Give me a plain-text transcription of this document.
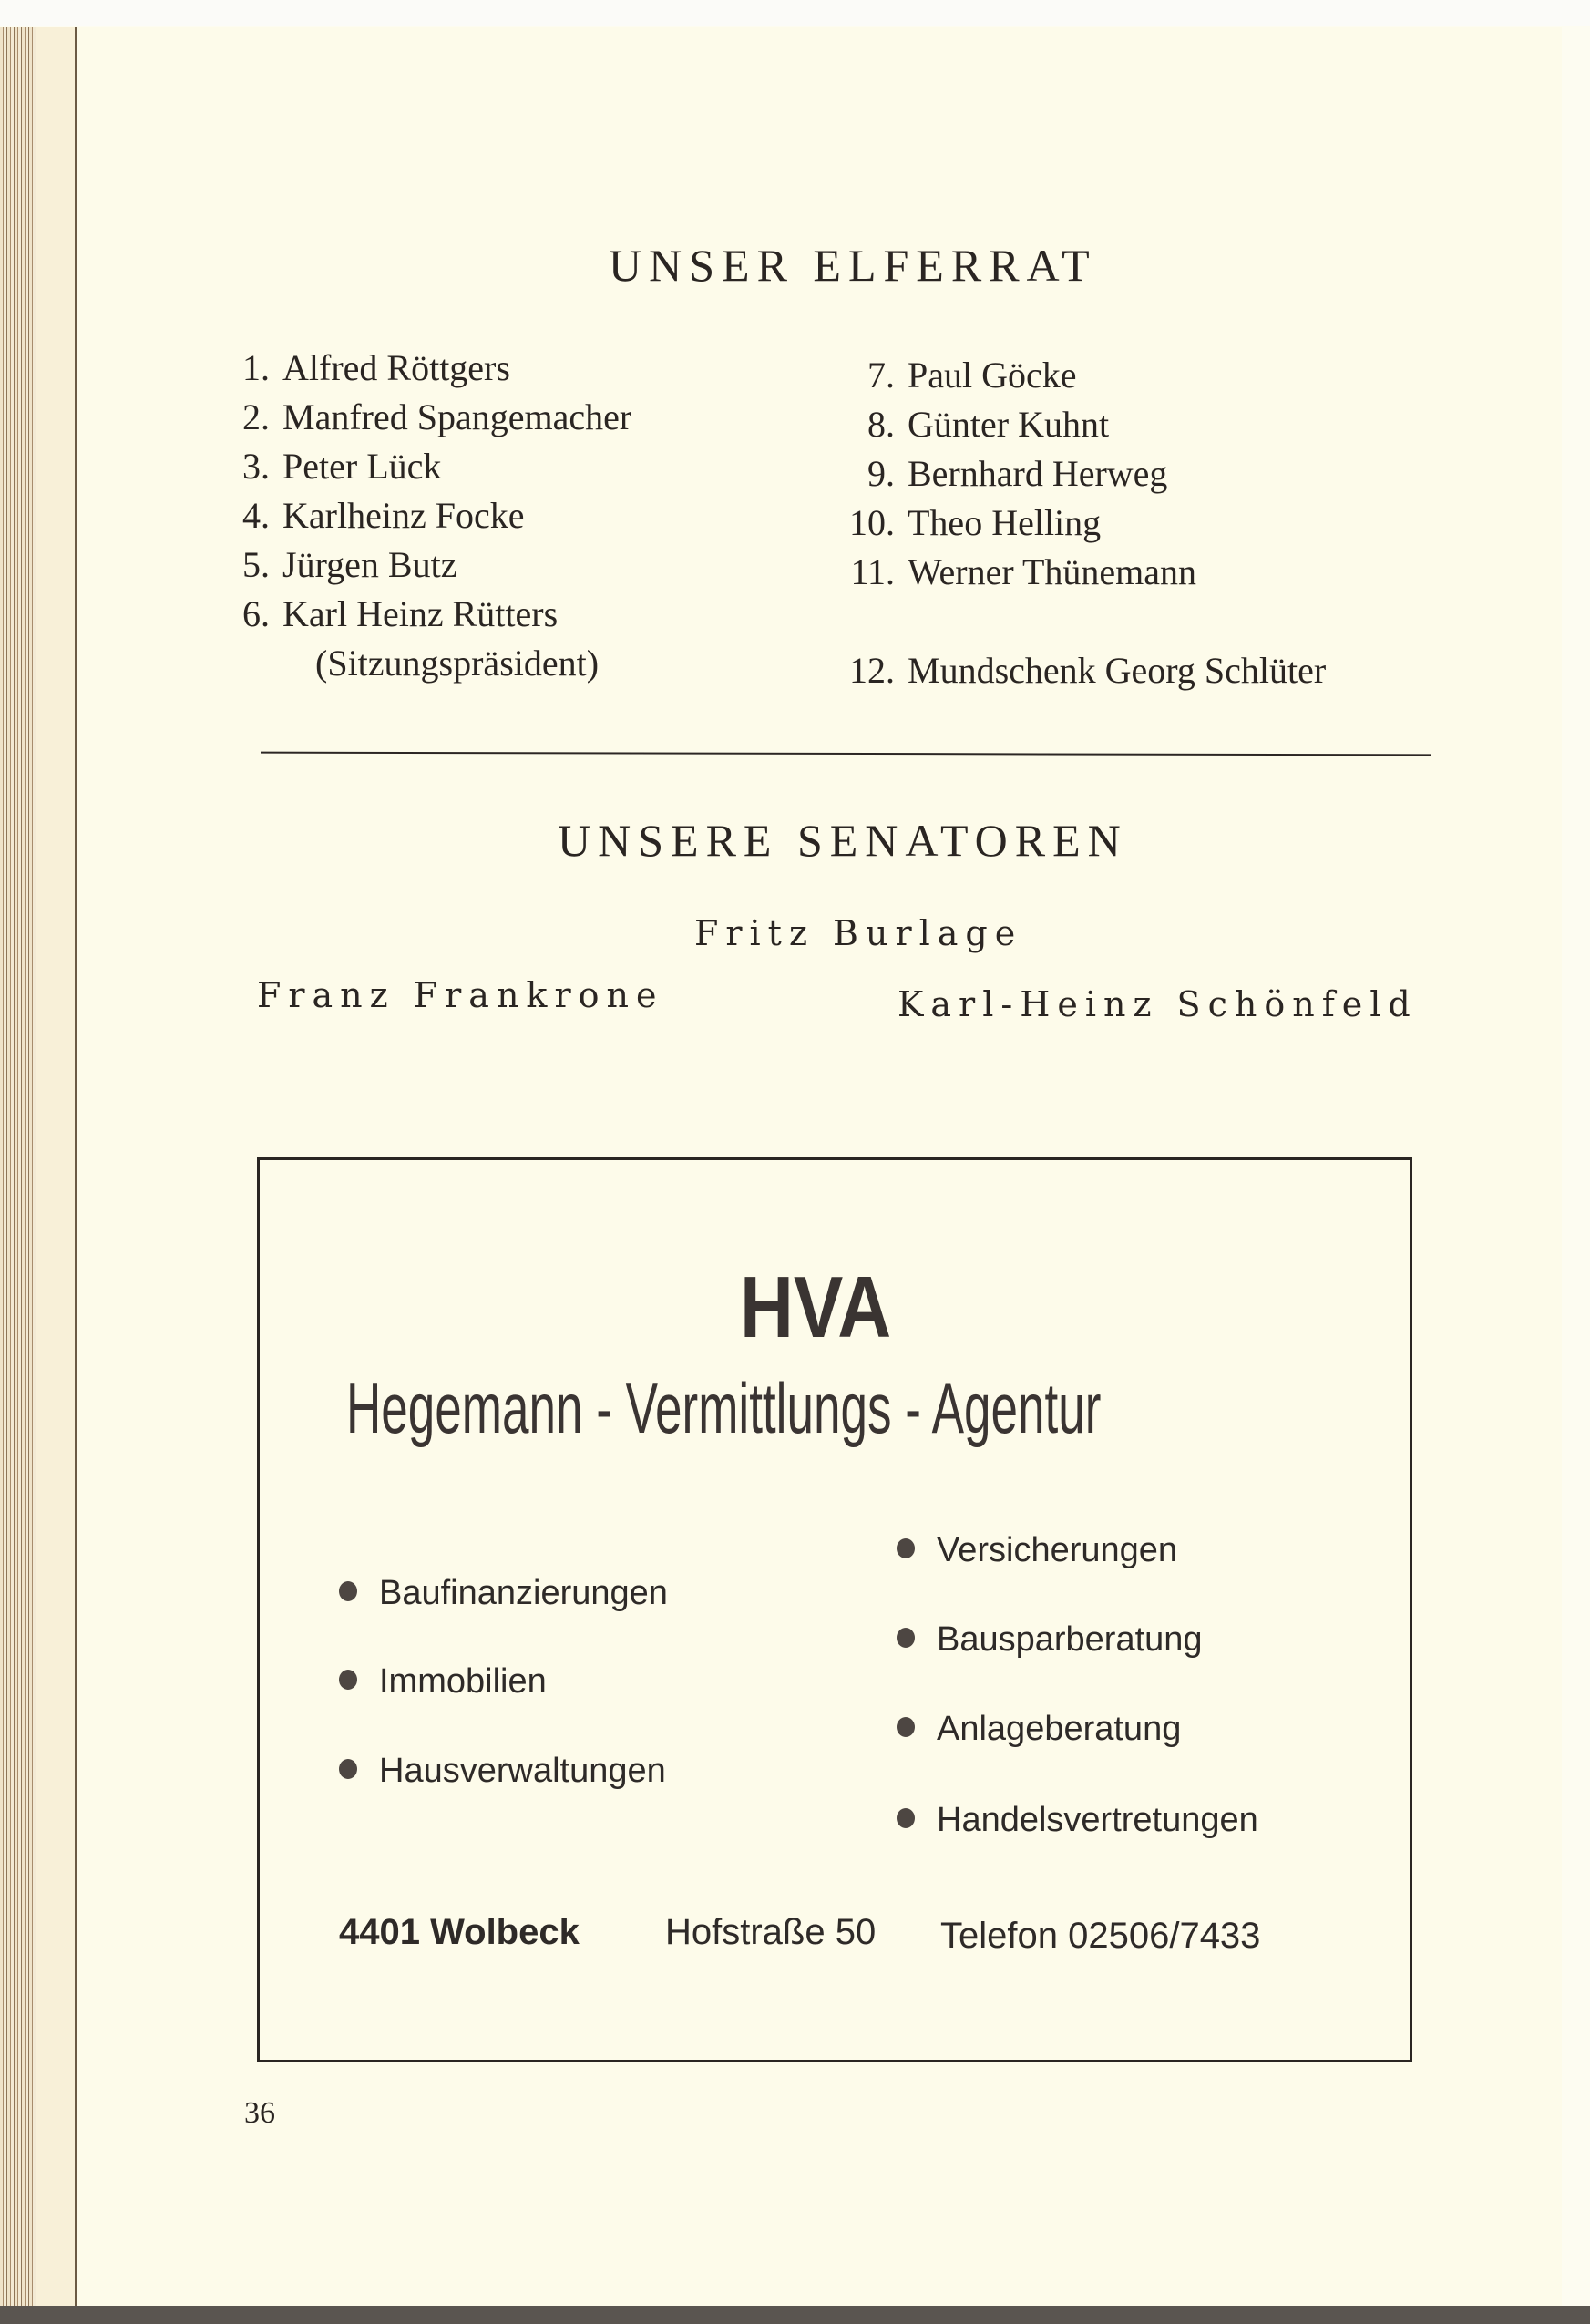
UNSER ELFERRAT
1. Alfred Röttgers
2. Manfred Spangemacher
3. Peter Lück
4. Karlheinz Focke
5. Jürgen Butz
6. Karl Heinz Rütters
(Sitzungspräsident)
7. Paul Göcke
8. Günter Kuhnt
9. Bernhard Herweg
10. Theo Helling
11. Werner Thünemann
12. Mundschenk Georg Schlüter
UNSERE SENATOREN
Fritz Burlage
Franz Frankrone	Karl-Heinz Schönfeld
HVA
Hegemann - Vermittlungs - Agentur
Baufinanzierungen
Immobilien
Hausverwaltungen
Versicherungen
Bausparberatung
Anlageberatung
Handelsvertretungen
4401 Wolbeck Hofstraße 50 Telefon 02506/7433
36
